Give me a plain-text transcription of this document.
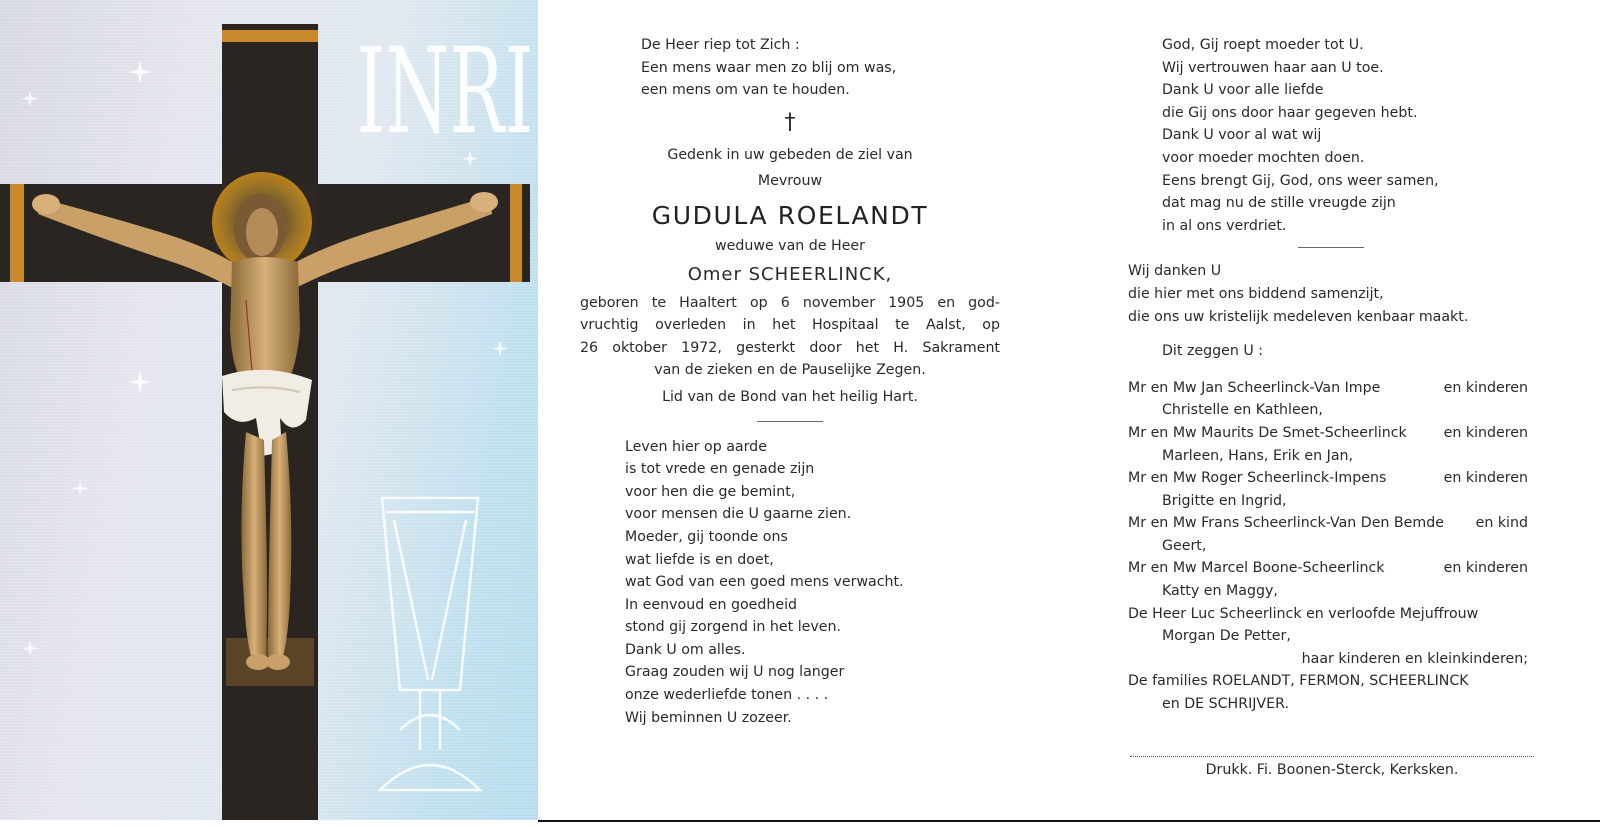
INRI	De Heer riep tot Zich :
Een mens waar men zo blij om was,
een mens om van te houden.
†
Gedenk in uw gebeden de ziel van
Mevrouw
GUDULA ROELANDT
weduwe van de Heer
Omer SCHEERLINCK,
geboren te Haaltert op 6 november 1905 en god-
vruchtig overleden in het Hospitaal te Aalst, op
26 oktober 1972, gesterkt door het H. Sakrament
van de zieken en de Pauselijke Zegen.
Lid van de Bond van het heilig Hart.
Leven hier op aarde
is tot vrede en genade zijn
voor hen die ge bemint,
voor mensen die U gaarne zien.
Moeder, gij toonde ons
wat liefde is en doet,
wat God van een goed mens verwacht.
In eenvoud en goedheid
stond gij zorgend in het leven.
Dank U om alles.
Graag zouden wij U nog langer
onze wederliefde tonen . . . .
Wij beminnen U zozeer.
God, Gij roept moeder tot U.
Wij vertrouwen haar aan U toe.
Dank U voor alle liefde
die Gij ons door haar gegeven hebt.
Dank U voor al wat wij
voor moeder mochten doen.
Eens brengt Gij, God, ons weer samen,
dat mag nu de stille vreugde zijn
in al ons verdriet.
Wij danken U
die hier met ons biddend samenzijt,
die ons uw kristelijk medeleven kenbaar maakt.
Dit zeggen U :
Mr en Mw Jan Scheerlinck-Van Impe	en kinderen
Christelle en Kathleen,
Mr en Mw Maurits De Smet-Scheerlinck	en kinderen
Marleen, Hans, Erik en Jan,
Mr en Mw Roger Scheerlinck-Impens	en kinderen
Brigitte en Ingrid,
Mr en Mw Frans Scheerlinck-Van Den Bemde en kind
Geert,
Mr en Mw Marcel Boone-Scheerlinck	en kinderen
Katty en Maggy,
De Heer Luc Scheerlinck en verloofde Mejuffrouw
Morgan De Petter,
haar kinderen en kleinkinderen;
De families ROELANDT, FERMON, SCHEERLINCK
en DE SCHRIJVER.
Drukk. Fi. Boonen-Sterck, Kerksken.
